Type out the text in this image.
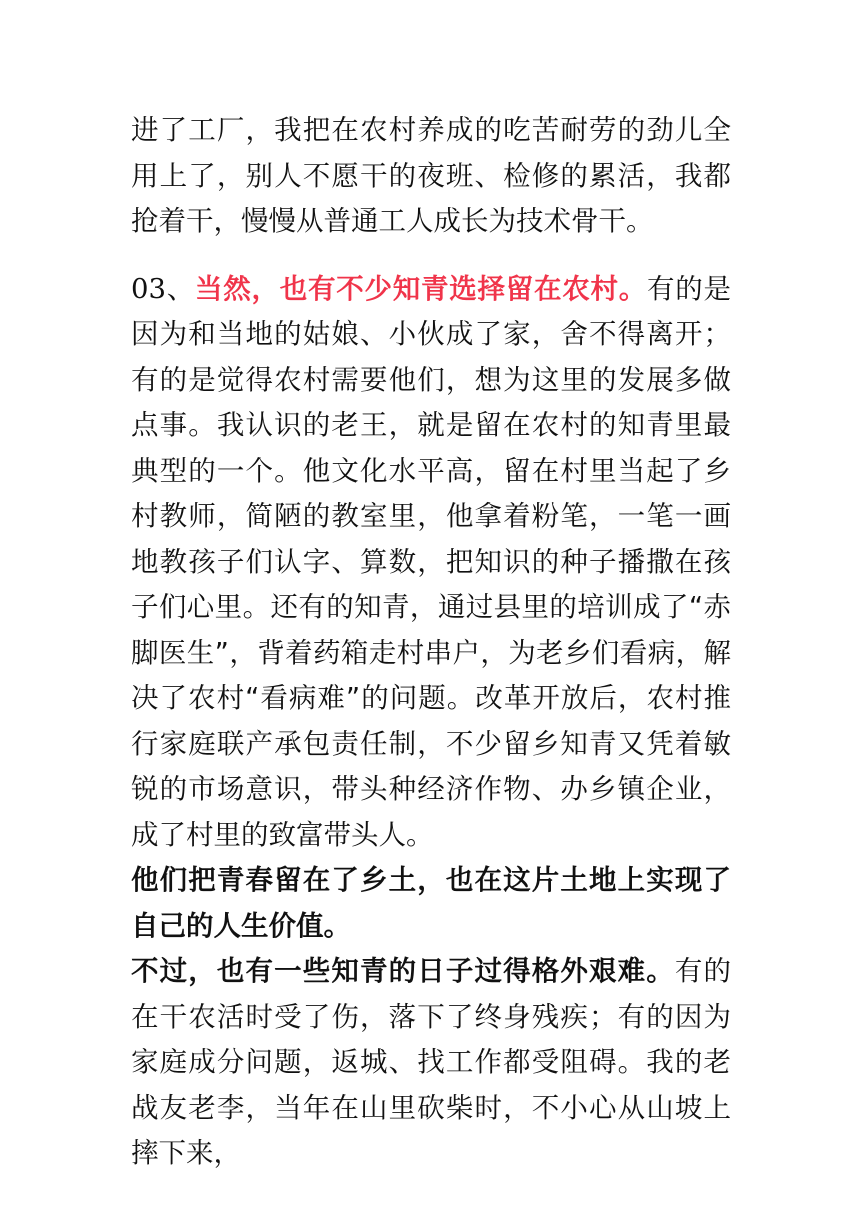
进了工厂，我把在农村养成的吃苦耐劳的劲儿全用上了，别人不愿干的夜班、检修的累活，我都抢着干，慢慢从普通工人成长为技术骨干。

03、当然，也有不少知青选择留在农村。有的是因为和当地的姑娘、小伙成了家，舍不得离开；有的是觉得农村需要他们，想为这里的发展多做点事。我认识的老王，就是留在农村的知青里最典型的一个。他文化水平高，留在村里当起了乡村教师，简陋的教室里，他拿着粉笔，一笔一画地教孩子们认字、算数，把知识的种子播撒在孩子们心里。还有的知青，通过县里的培训成了“赤脚医生”，背着药箱走村串户，为老乡们看病，解决了农村“看病难”的问题。改革开放后，农村推行家庭联产承包责任制，不少留乡知青又凭着敏锐的市场意识，带头种经济作物、办乡镇企业，成了村里的致富带头人。

他们把青春留在了乡土，也在这片土地上实现了自己的人生价值。

不过，也有一些知青的日子过得格外艰难。有的在干农活时受了伤，落下了终身残疾；有的因为家庭成分问题，返城、找工作都受阻碍。我的老战友老李，当年在山里砍柴时，不小心从山坡上摔下来，
